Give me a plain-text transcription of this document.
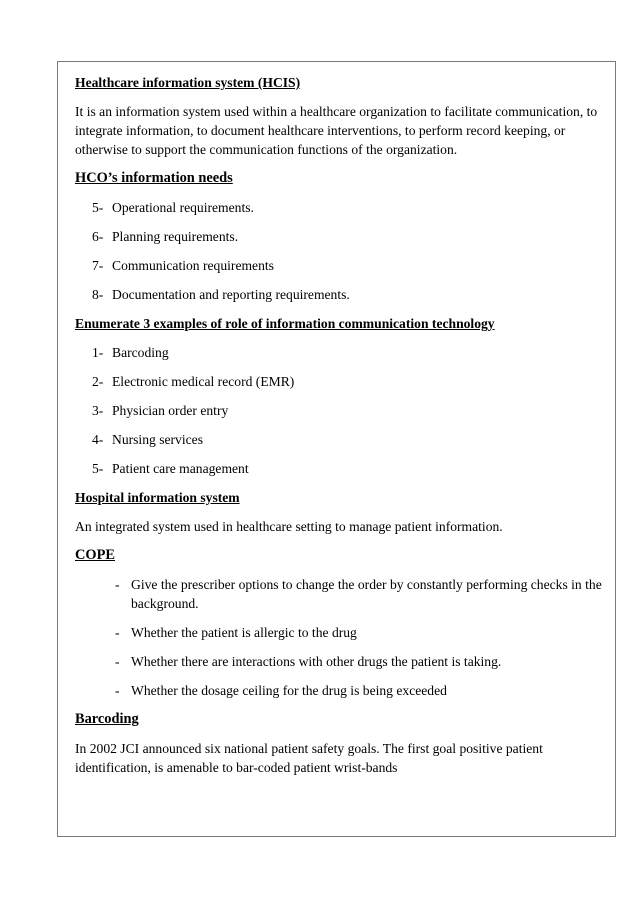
Healthcare information system (HCIS)
It is an information system used within a healthcare organization to facilitate communication, to integrate information, to document healthcare interventions, to perform record keeping, or otherwise to support the communication functions of the organization.
HCO’s information needs
5- Operational requirements.
6- Planning requirements.
7- Communication requirements
8- Documentation and reporting requirements.
Enumerate 3 examples of role of information communication technology
1- Barcoding
2- Electronic medical record (EMR)
3- Physician order entry
4- Nursing services
5- Patient care management
Hospital information system
An integrated system used in healthcare setting to manage patient information.
COPE
- Give the prescriber options to change the order by constantly performing checks in the background.
- Whether the patient is allergic to the drug
- Whether there are interactions with other drugs the patient is taking.
- Whether the dosage ceiling for the drug is being exceeded
Barcoding
In 2002 JCI announced six national patient safety goals. The first goal positive patient identification, is amenable to bar-coded patient wrist-bands
